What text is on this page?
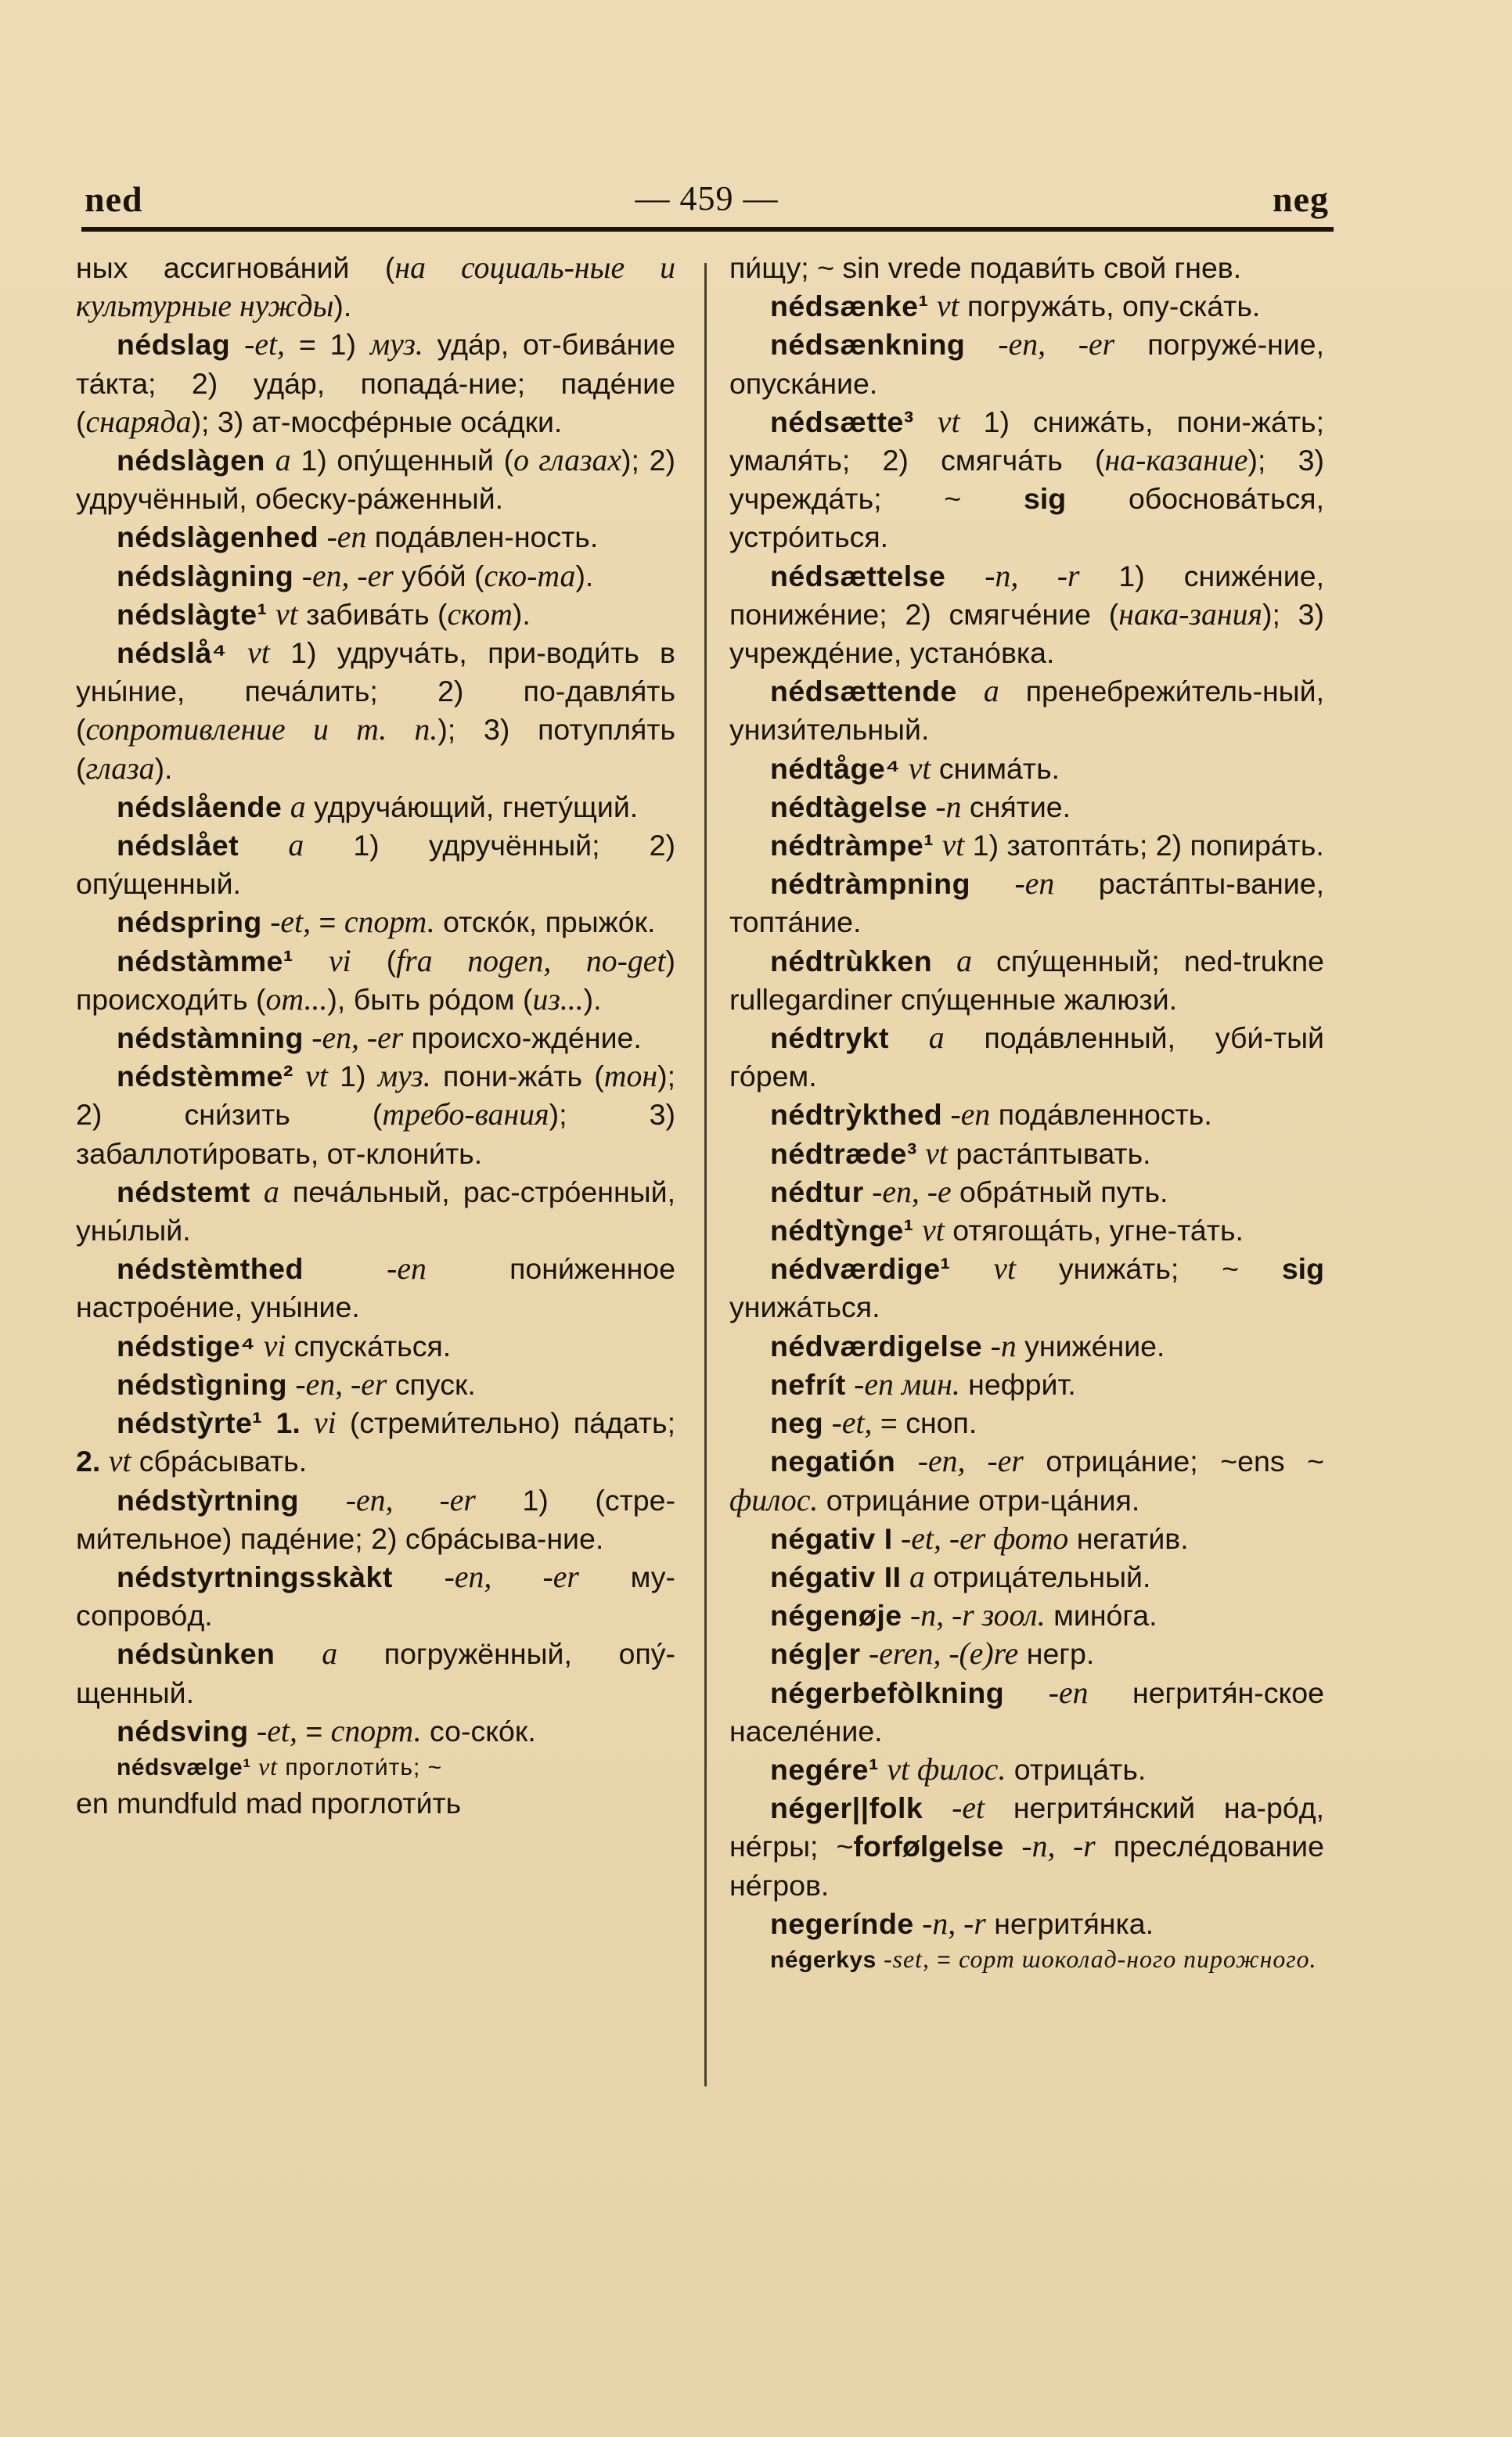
ned	— 459 —	neg

ных ассигнова́ний (на социаль-ные и культурные нужды).

nédslag -et, = 1) муз. уда́р, от-бива́ние та́кта; 2) уда́р, попада́-ние; паде́ние (снаряда); 3) ат-мосфе́рные оса́дки.

nédslàgen a 1) опу́щенный (о глазах); 2) удручённый, обеску-ра́женный.

nédslàgenhed -en пода́влен-ность.

nédslàgning -en, -er убо́й (ско-та).

nédslàgte¹ vt забива́ть (скот).

nédslå⁴ vt 1) удруча́ть, при-води́ть в уны́ние, печа́лить; 2) по-давля́ть (сопротивление и т. п.); 3) потупля́ть (глаза).

nédslående a удруча́ющий, гнету́щий.

nédslået a 1) удручённый; 2) опу́щенный.

nédspring -et, = спорт. отско́к, прыжо́к.

nédstàmme¹ vi (fra nogen, no-get) происходи́ть (от...), быть ро́дом (из...).

nédstàmning -en, -er происхо-жде́ние.

nédstèmme² vt 1) муз. пони-жа́ть (тон); 2) сни́зить (требо-вания); 3) забаллоти́ровать, от-клони́ть.

nédstemt a печа́льный, рас-стро́енный, уны́лый.

nédstèmthed	-en пони́женное настрое́ние, уны́ние.

nédstige⁴ vi спуска́ться.

nédstìgning -en, -er спуск.

nédstỳrte¹ 1. vi (стреми́тельно) па́дать; 2. vt сбра́сывать.

nédstỳrtning -en, -er 1) (стре-ми́тельное) паде́ние; 2) сбра́сыва-ние.

nédstyrtningsskàkt -en, -er му-сопрово́д.

nédsùnken a погружённый, опу́-щенный.

nédsving -et, = спорт. со-ско́к.

nédsvælge¹ vt проглоти́ть; ~

en mundfuld mad проглоти́ть

пи́щу; ~ sin vrede подави́ть свой гнев.

nédsænke¹ vt погружа́ть, опу-ска́ть.

nédsænkning -en, -er погруже́-ние, опуска́ние.

nédsætte³ vt 1) снижа́ть, пони-жа́ть; умаля́ть; 2) смягча́ть (на-казание); 3) учрежда́ть; ~ sig обоснова́ться, устро́иться.

nédsættelse -n, -r 1) сниже́ние, пониже́ние; 2) смягче́ние (нака-зания); 3) учрежде́ние, устано́вка.

nédsættende a пренебрежи́тель-ный, унизи́тельный.

nédtåge⁴ vt снима́ть.

nédtàgelse -n сня́тие.

nédtràmpe¹ vt 1) затопта́ть; 2) попира́ть.

nédtràmpning -en раста́пты-вание, топта́ние.

nédtrùkken a спу́щенный; ned-trukne rullegardiner спу́щенные жалюзи́.

nédtrykt a пода́вленный, уби́-тый го́рем.

nédtrỳkthed -en пода́вленность.

nédtræde³ vt раста́птывать.

nédtur -en, -e обра́тный путь.

nédtỳnge¹ vt отягоща́ть, угне-та́ть.

nédværdige¹ vt унижа́ть; ~ sig унижа́ться.

nédværdigelse -n униже́ние.

nefrít -en мин. нефри́т.

neg -et, = сноп.

negatión -en, -er отрица́ние; ~ens ~ филос. отрица́ние отри-ца́ния.

négativ I -et, -er фото негати́в.

négativ II a отрица́тельный.

négenøje -n, -r зоол. мино́га.

nég|er -eren, -(e)re негр.

négerbefòlkning -en негритя́н-ское населе́ние.

negére¹ vt филос. отрица́ть.

néger||folk -et негритя́нский на-ро́д, не́гры; ~forfølgelse -n, -r пресле́дование не́гров.

negerínde -n, -r негритя́нка.

négerkys -set, = сорт шоколад-ного пирожного.
